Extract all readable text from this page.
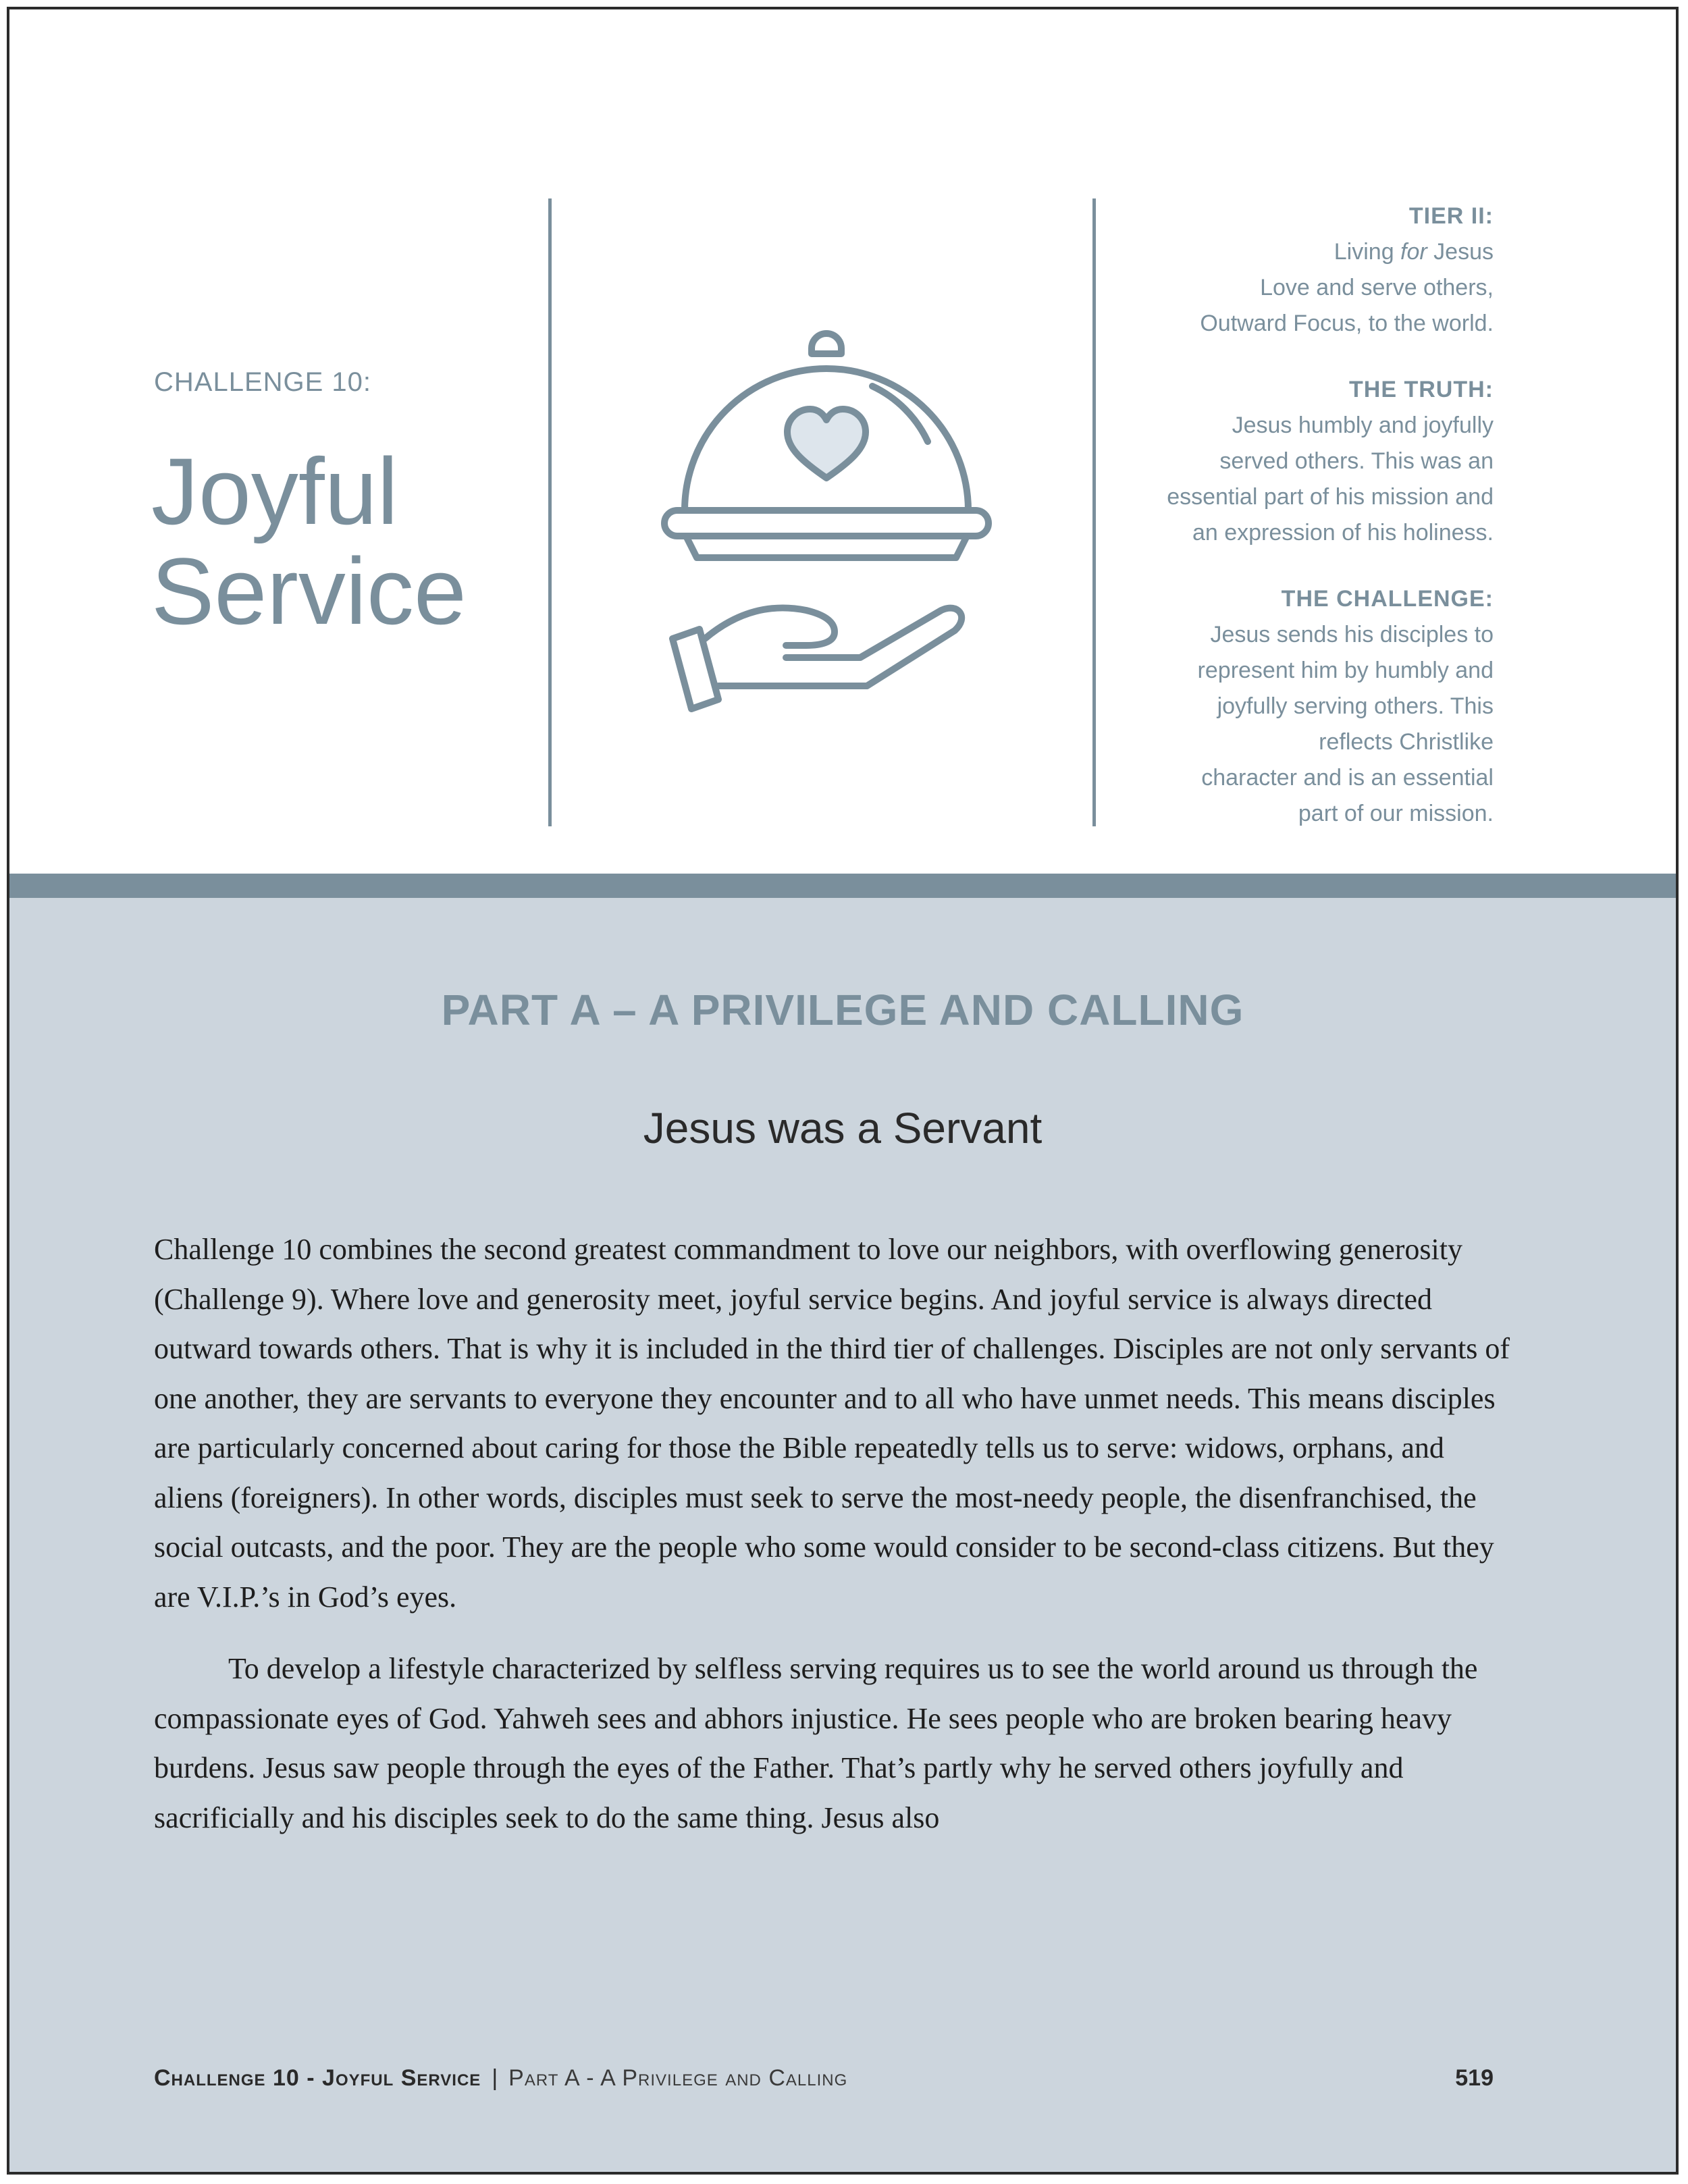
CHALLENGE 10:
Joyful
Service
TIER II:
Living for Jesus
Love and serve others,
Outward Focus, to the world.
THE TRUTH:
Jesus humbly and joyfully
served others. This was an
essential part of his mission and
an expression of his holiness.
THE CHALLENGE:
Jesus sends his disciples to
represent him by humbly and
joyfully serving others. This
reflects Christlike
character and is an essential
part of our mission.
PART A – A PRIVILEGE AND CALLING
Jesus was a Servant

Challenge 10 combines the second greatest commandment to love our neighbors, with overflowing generosity (Challenge 9). Where love and generosity meet, joyful service begins. And joyful service is always directed outward towards others. That is why it is included in the third tier of challenges. Disciples are not only servants of one another, they are servants to everyone they encounter and to all who have unmet needs. This means disciples are particularly concerned about caring for those the Bible repeatedly tells us to serve: widows, orphans, and aliens (foreigners). In other words, disciples must seek to serve the most-needy people, the disenfranchised, the social outcasts, and the poor. They are the people who some would consider to be second-class citizens. But they are V.I.P.’s in God’s eyes.

To develop a lifestyle characterized by selfless serving requires us to see the world around us through the compassionate eyes of God. Yahweh sees and abhors injustice. He sees people who are broken bearing heavy burdens. Jesus saw people through the eyes of the Father. That’s partly why he served others joyfully and sacrificially and his disciples seek to do the same thing. Jesus also

Challenge 10 - Joyful Service | Part A - A Privilege and Calling	519
